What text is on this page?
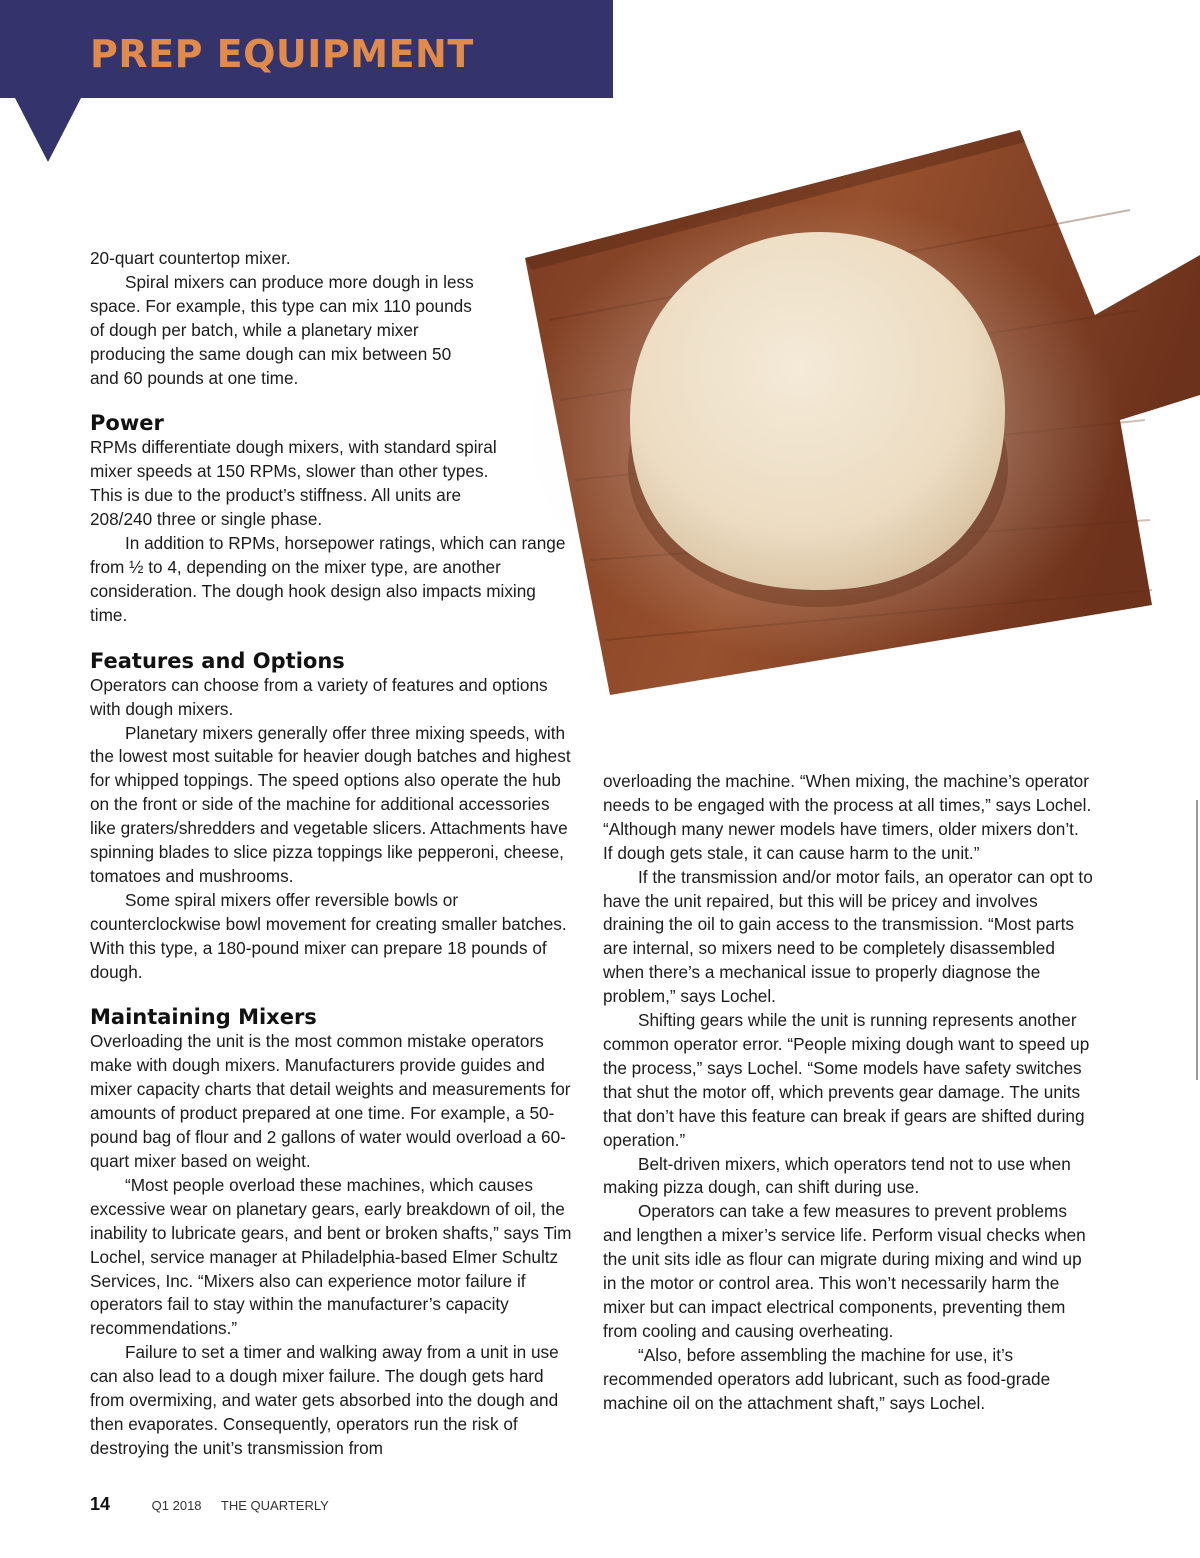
PREP EQUIPMENT

20-quart countertop mixer.

Spiral mixers can produce more dough in less space. For example, this type can mix 110 pounds of dough per batch, while a planetary mixer producing the same dough can mix between 50 and 60 pounds at one time.

Power

RPMs differentiate dough mixers, with standard spiral mixer speeds at 150 RPMs, slower than other types. This is due to the product’s stiffness. All units are 208/240 three or single phase.

In addition to RPMs, horsepower ratings, which can range from ½ to 4, depending on the mixer type, are another consideration. The dough hook design also impacts mixing time.

Features and Options

Operators can choose from a variety of features and options with dough mixers.

Planetary mixers generally offer three mixing speeds, with the lowest most suitable for heavier dough batches and highest for whipped toppings. The speed options also operate the hub on the front or side of the machine for additional accessories like graters/shredders and vegetable slicers. Attachments have spinning blades to slice pizza toppings like pepperoni, cheese, tomatoes and mushrooms.

Some spiral mixers offer reversible bowls or counterclockwise bowl movement for creating smaller batches. With this type, a 180-pound mixer can prepare 18 pounds of dough.

Maintaining Mixers

Overloading the unit is the most common mistake operators make with dough mixers. Manufacturers provide guides and mixer capacity charts that detail weights and measurements for amounts of product prepared at one time. For example, a 50-pound bag of flour and 2 gallons of water would overload a 60-quart mixer based on weight.

“Most people overload these machines, which causes excessive wear on planetary gears, early breakdown of oil, the inability to lubricate gears, and bent or broken shafts,” says Tim Lochel, service manager at Philadelphia-based Elmer Schultz Services, Inc. “Mixers also can experience motor failure if operators fail to stay within the manufacturer’s capacity recommendations.”

Failure to set a timer and walking away from a unit in use can also lead to a dough mixer failure. The dough gets hard from overmixing, and water gets absorbed into the dough and then evaporates. Consequently, operators run the risk of destroying the unit’s transmission from

overloading the machine. “When mixing, the machine’s operator needs to be engaged with the process at all times,” says Lochel. “Although many newer models have timers, older mixers don’t. If dough gets stale, it can cause harm to the unit.”

If the transmission and/or motor fails, an operator can opt to have the unit repaired, but this will be pricey and involves draining the oil to gain access to the transmission. “Most parts are internal, so mixers need to be completely disassembled when there’s a mechanical issue to properly diagnose the problem,” says Lochel.

Shifting gears while the unit is running represents another common operator error. “People mixing dough want to speed up the process,” says Lochel. “Some models have safety switches that shut the motor off, which prevents gear damage. The units that don’t have this feature can break if gears are shifted during operation.”

Belt-driven mixers, which operators tend not to use when making pizza dough, can shift during use.

Operators can take a few measures to prevent problems and lengthen a mixer’s service life. Perform visual checks when the unit sits idle as flour can migrate during mixing and wind up in the motor or control area. This won’t necessarily harm the mixer but can impact electrical components, preventing them from cooling and causing overheating.

“Also, before assembling the machine for use, it’s recommended operators add lubricant, such as food-grade machine oil on the attachment shaft,” says Lochel.

14	Q1 2018 THE QUARTERLY
